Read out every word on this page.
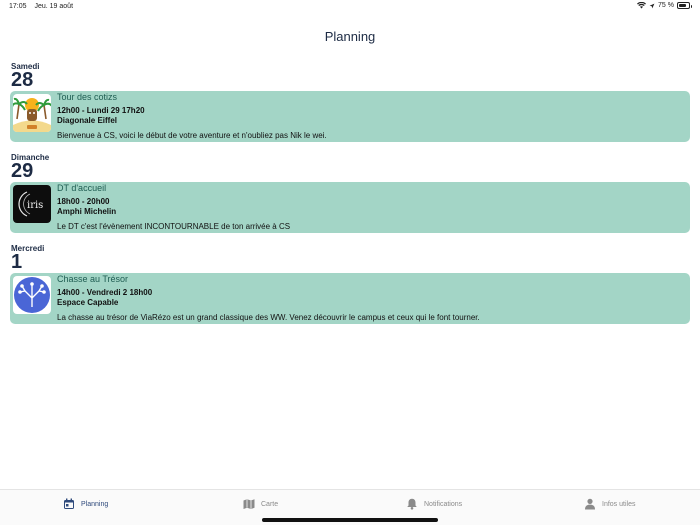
17:05 Jeu. 19 août	75 %
Planning
Samedi
28
Tour des cotizs
12h00 - Lundi 29 17h20
Diagonale Eiffel
Bienvenue à CS, voici le début de votre aventure et n'oubliez pas Nik le wei.
Dimanche
29
iris
DT d'accueil
18h00 - 20h00
Amphi Michelin
Le DT c'est l'évènement INCONTOURNABLE de ton arrivée à CS
Mercredi
1
Chasse au Trésor
14h00 - Vendredi 2 18h00
Espace Capable
La chasse au trésor de ViaRézo est un grand classique des WW. Venez découvrir le campus et ceux qui le font tourner.
Planning	Carte	Notifications	Infos utiles
